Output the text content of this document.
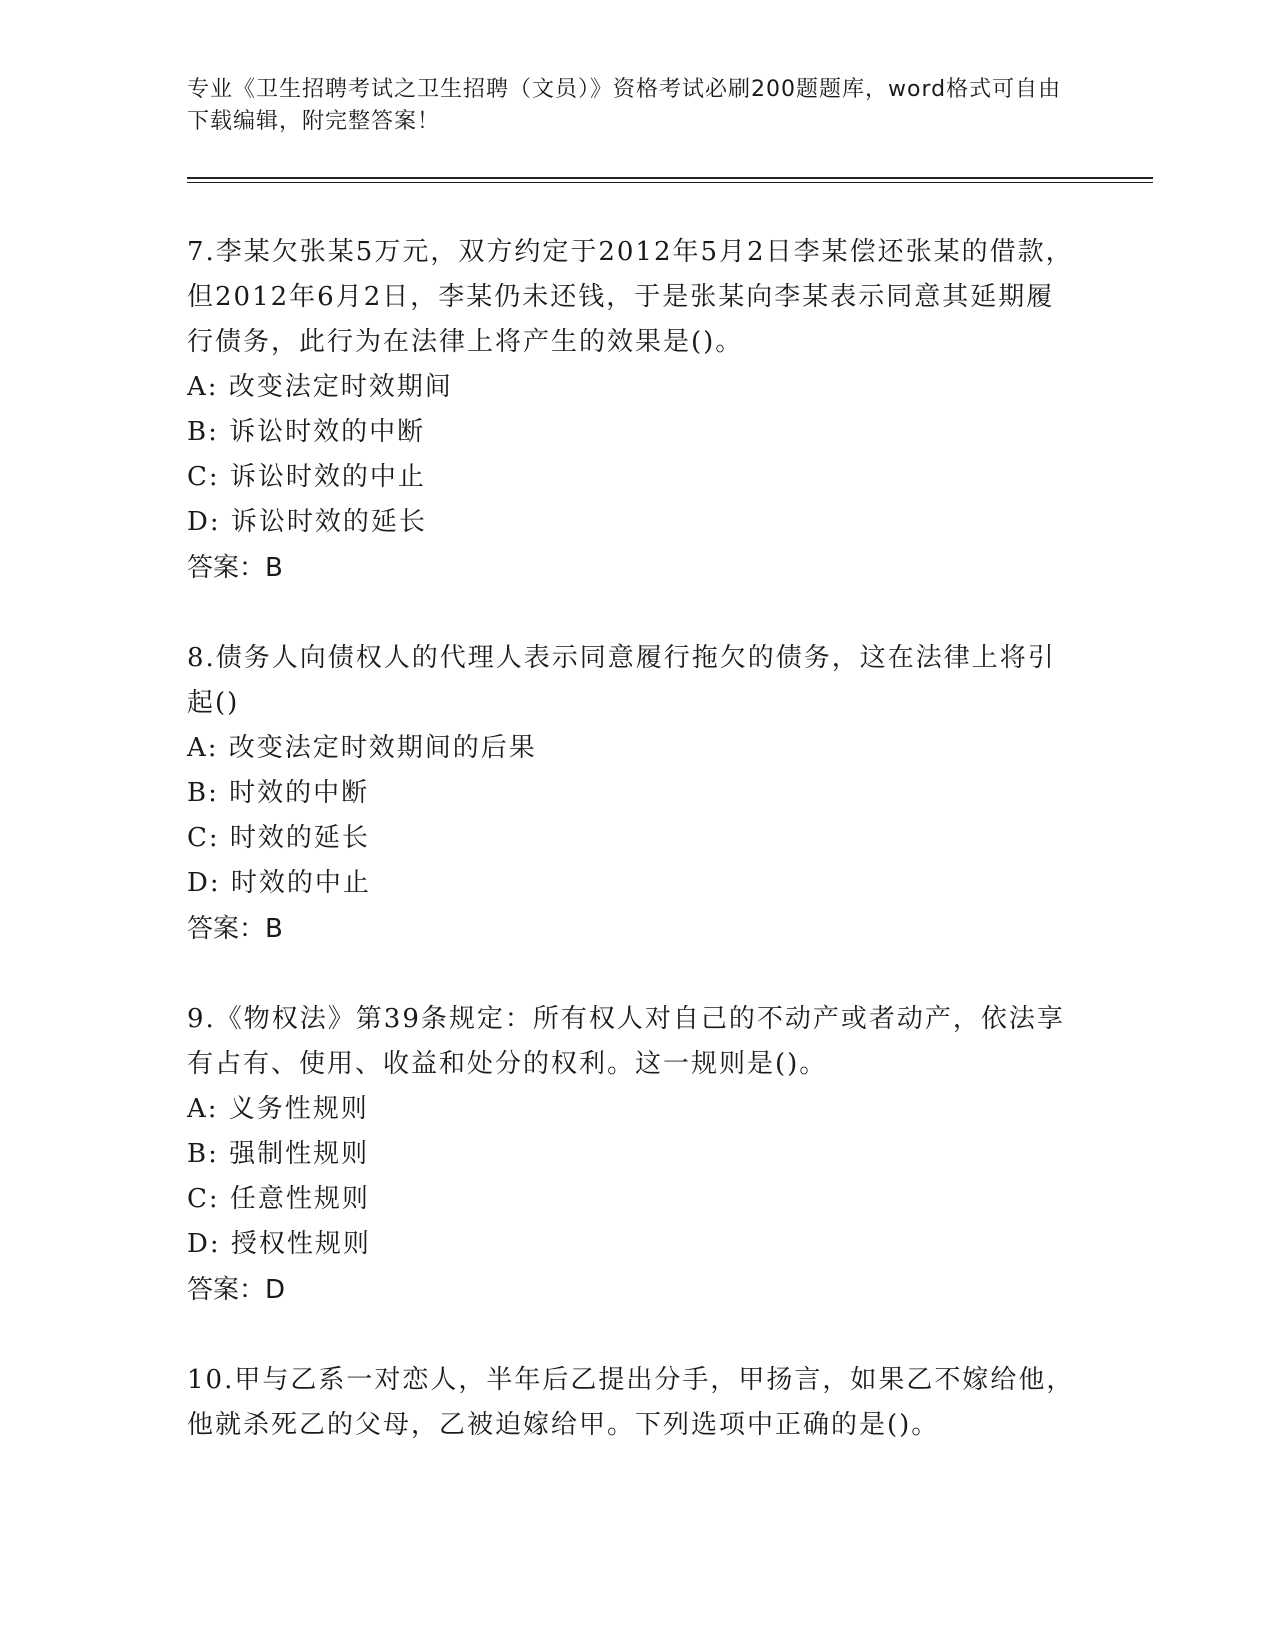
专业《卫生招聘考试之卫生招聘（文员）》资格考试必刷200题题库，word格式可自由下载编辑，附完整答案！
7.李某欠张某5万元，双方约定于2012年5月2日李某偿还张某的借款，但2012年6月2日，李某仍未还钱，于是张某向李某表示同意其延期履行债务，此行为在法律上将产生的效果是()。
A: 改变法定时效期间
B: 诉讼时效的中断
C: 诉讼时效的中止
D: 诉讼时效的延长
答案：B
8.债务人向债权人的代理人表示同意履行拖欠的债务，这在法律上将引起()
A: 改变法定时效期间的后果
B: 时效的中断
C: 时效的延长
D: 时效的中止
答案：B
9.《物权法》第39条规定：所有权人对自己的不动产或者动产，依法享有占有、使用、收益和处分的权利。这一规则是()。
A: 义务性规则
B: 强制性规则
C: 任意性规则
D: 授权性规则
答案：D
10.甲与乙系一对恋人，半年后乙提出分手，甲扬言，如果乙不嫁给他，他就杀死乙的父母，乙被迫嫁给甲。下列选项中正确的是()。
